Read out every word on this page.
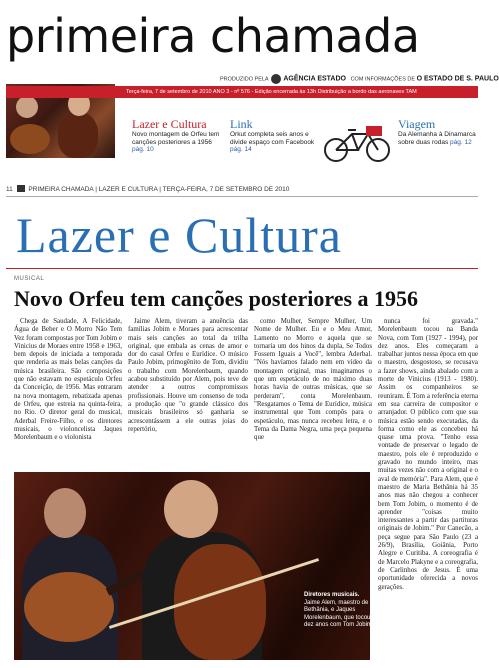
primeira chamada
PRODUZIDO PELA AGÊNCIA ESTADO COM INFORMAÇÕES DE O ESTADO DE S. PAULO
Terça-feira, 7 de setembro de 2010 ANO 3 - nº 576 - Edição encerrada às 13h Distribuição a bordo das aeronaves TAM
Lazer e Cultura
Novo montagem de Orfeu tem canções posteriores a 1956 pág. 10
Link
Orkut completa seis anos e divide espaço com Facebook pág. 14
Viagem
Da Alemanha à Dinamarca sobre duas rodas pág. 12
11 PRIMEIRA CHAMADA | LAZER E CULTURA | TERÇA-FEIRA, 7 DE SETEMBRO DE 2010
Lazer e Cultura
MUSICAL
Novo Orfeu tem canções posteriores a 1956

Chega de Saudade, A Felicidade, Água de Beber e O Morro Não Tem Vez foram compostas por Tom Jobim e Vinicius de Moraes entre 1958 e 1963, bem depois de iniciada a temporada que renderia as mais belas canções da música brasileira. São composições que não estavam no espetáculo Orfeu da Conceição, de 1956. Mas entraram na nova montagem, rebatizada apenas de Orfeu, que estreia na quinta-feira, no Rio. O diretor geral do musical, Aderbal Freire-Filho, e os diretores musicais, o violoncelista Jaques Morelenbaum e o violonista

Jaime Alem, tiveram a anuência das famílias Jobim e Moraes para acrescentar mais seis canções ao total da trilha original, que embala as cenas de amor e dor do casal Orfeu e Eurídice. O músico Paulo Jobim, primogênito de Tom, dividiu o trabalho com Morelenbaum, quando acabou substituído por Alem, pois teve de atender a outros compromissos profissionais. Houve um consenso de toda a produção que "o grande clássico dos musicais brasileiros só ganharia se acrescentássem a ele outras joias do repertório,

como Mulher, Sempre Mulher, Um Nome de Mulher. Eu e o Meu Amor, Lamento no Morro e aquela que se tornaria um dos hinos da dupla, Se Todos Fossem Iguais a Você", lembra Aderbal. "Nós havíamos falado nem em vídeo da montagem original, mas imaginamos o que um espetáculo de no máximo duas horas havia de outras músicas, que se perderam", conta Morelenbaum. "Resgatamos o Tema de Eurídice, música instrumental que Tom compôs para o espetáculo, mas nunca recebeu letra, e o Tema da Dama Negra, uma peça pequena que

nunca foi gravada." Morelenbaum tocou na Banda Nova, com Tom (1927 - 1994), por dez anos. Eles começaram a trabalhar juntos nessa época em que o maestro, desgostoso, se recusava a fazer shows, ainda abalado com a morte de Vinicius (1913 - 1980). Assim os companheiros se reuniram. É Tom a referência eterna em sua carreira de compositor e arranjador. O público com que sua música estão sendo executadas, da forma como ele as concebeu há quase uma prova. "Tenho essa vontade de preservar o legado de maestro, pois ele é reproduzido e gravado no mundo inteiro, mas muitas vezes não com a original e o aval de memória". Para Alem, que é maestro de Maria Bethânia há 35 anos mas não chegou a conhecer bem Tom Jobim, o momento é de aprender "coisas muito interessantes a partir das partituras originais de Jobim." Por Canecão, a peça segue para São Paulo (23 a 26/9), Brasília, Goiânia, Porto Alegre e Curitiba. A coreografia é de Marcelo Plakyne e a coreografia, de Carlinhos de Jesus. É uma oportunidade oferecida a novos gerações.

Diretores musicais. Jaime Alem, maestro de Bethânia, e Jaques Morelenbaum, que tocou dez anos com Tom Jobim
